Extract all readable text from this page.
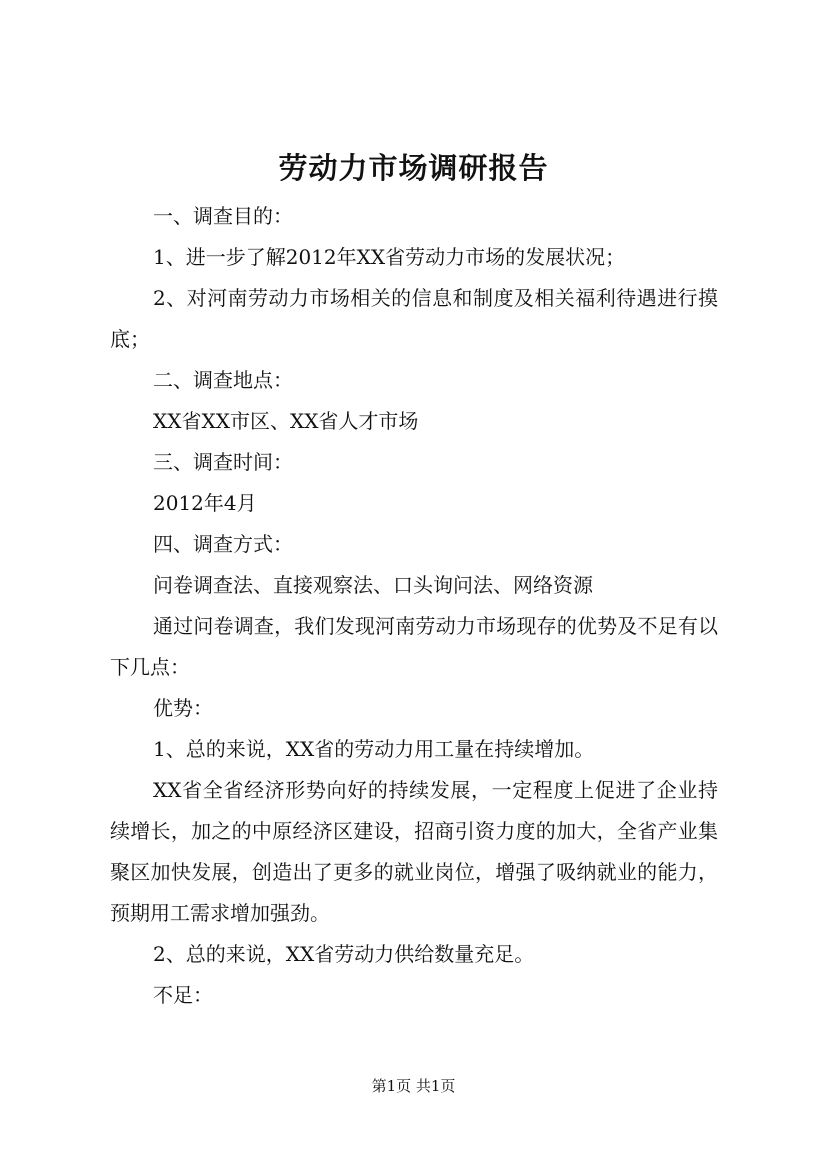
劳动力市场调研报告

一、调查目的：

1、进一步了解2012年XX省劳动力市场的发展状况；

2、对河南劳动力市场相关的信息和制度及相关福利待遇进行摸底；

二、调查地点：

XX省XX市区、XX省人才市场

三、调查时间：

2012年4月

四、调查方式：

问卷调查法、直接观察法、口头询问法、网络资源

通过问卷调查，我们发现河南劳动力市场现存的优势及不足有以下几点：

优势：

1、总的来说，XX省的劳动力用工量在持续增加。

XX省全省经济形势向好的持续发展，一定程度上促进了企业持续增长，加之的中原经济区建设，招商引资力度的加大，全省产业集聚区加快发展，创造出了更多的就业岗位，增强了吸纳就业的能力，预期用工需求增加强劲。

2、总的来说，XX省劳动力供给数量充足。

不足：

第1页 共1页
